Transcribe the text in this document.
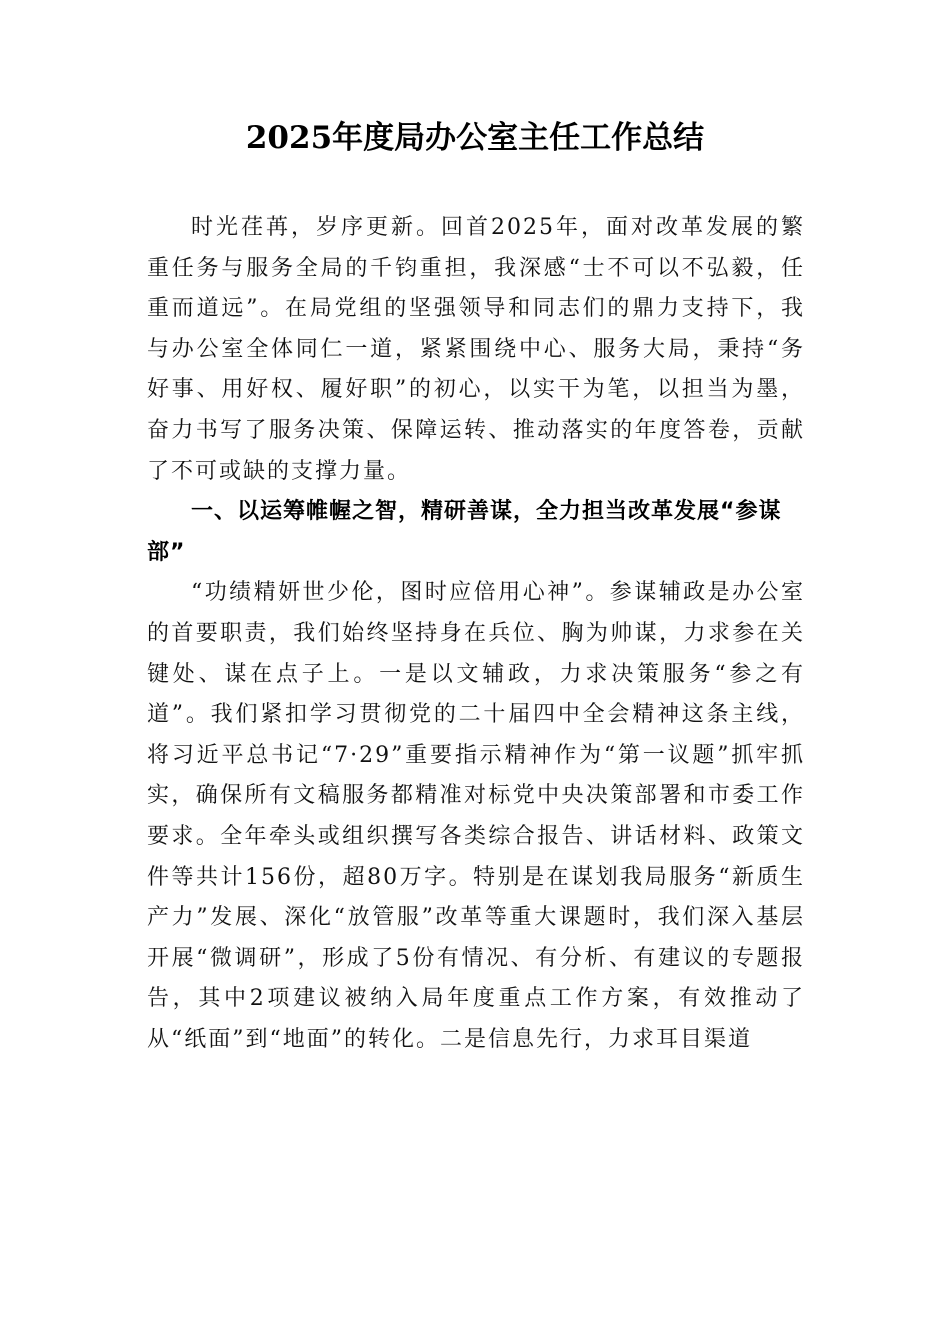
2025年度局办公室主任工作总结

时光荏苒，岁序更新。回首2025年，面对改革发展的繁重任务与服务全局的千钧重担，我深感“士不可以不弘毅，任重而道远”。在局党组的坚强领导和同志们的鼎力支持下，我与办公室全体同仁一道，紧紧围绕中心、服务大局，秉持“务好事、用好权、履好职”的初心，以实干为笔，以担当为墨，奋力书写了服务决策、保障运转、推动落实的年度答卷，贡献了不可或缺的支撑力量。

一、以运筹帷幄之智，精研善谋，全力担当改革发展“参谋部”

“功绩精妍世少伦，图时应倍用心神”。参谋辅政是办公室的首要职责，我们始终坚持身在兵位、胸为帅谋，力求参在关键处、谋在点子上。一是以文辅政，力求决策服务“参之有道”。我们紧扣学习贯彻党的二十届四中全会精神这条主线，将习近平总书记“7·29”重要指示精神作为“第一议题”抓牢抓实，确保所有文稿服务都精准对标党中央决策部署和市委工作要求。全年牵头或组织撰写各类综合报告、讲话材料、政策文件等共计156份，超80万字。特别是在谋划我局服务“新质生产力”发展、深化“放管服”改革等重大课题时，我们深入基层开展“微调研”，形成了5份有情况、有分析、有建议的专题报告，其中2项建议被纳入局年度重点工作方案，有效推动了从“纸面”到“地面”的转化。二是信息先行，力求耳目渠道
